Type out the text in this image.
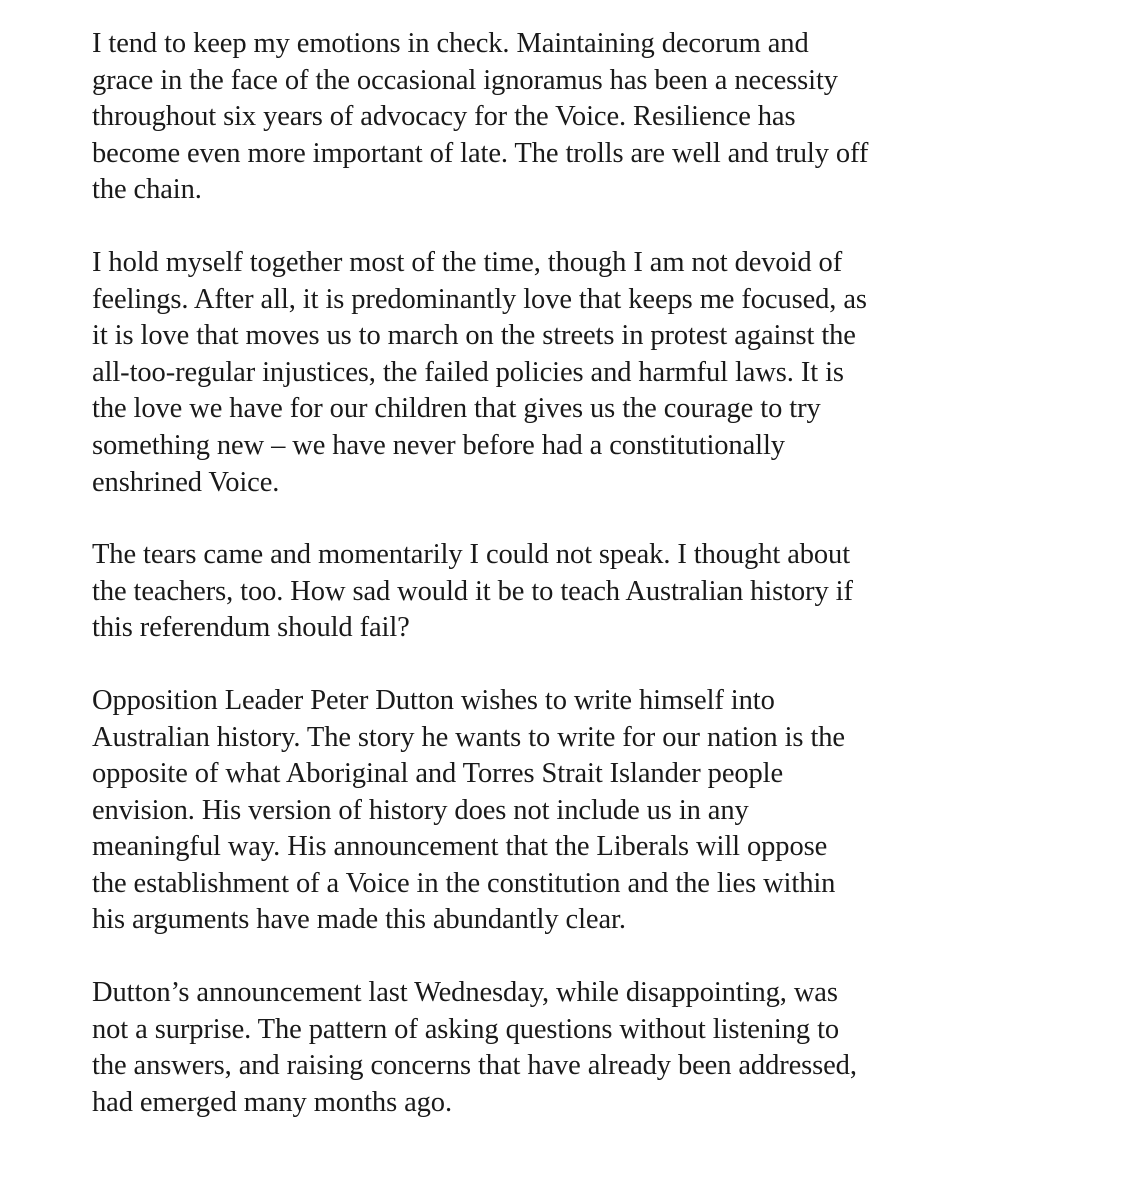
I tend to keep my emotions in check. Maintaining decorum and
grace in the face of the occasional ignoramus has been a necessity
throughout six years of advocacy for the Voice. Resilience has
become even more important of late. The trolls are well and truly off
the chain.

I hold myself together most of the time, though I am not devoid of
feelings. After all, it is predominantly love that keeps me focused, as
it is love that moves us to march on the streets in protest against the
all-too-regular injustices, the failed policies and harmful laws. It is
the love we have for our children that gives us the courage to try
something new – we have never before had a constitutionally
enshrined Voice.

The tears came and momentarily I could not speak. I thought about
the teachers, too. How sad would it be to teach Australian history if
this referendum should fail?

Opposition Leader Peter Dutton wishes to write himself into
Australian history. The story he wants to write for our nation is the
opposite of what Aboriginal and Torres Strait Islander people
envision. His version of history does not include us in any
meaningful way. His announcement that the Liberals will oppose
the establishment of a Voice in the constitution and the lies within
his arguments have made this abundantly clear.

Dutton’s announcement last Wednesday, while disappointing, was
not a surprise. The pattern of asking questions without listening to
the answers, and raising concerns that have already been addressed,
had emerged many months ago.
